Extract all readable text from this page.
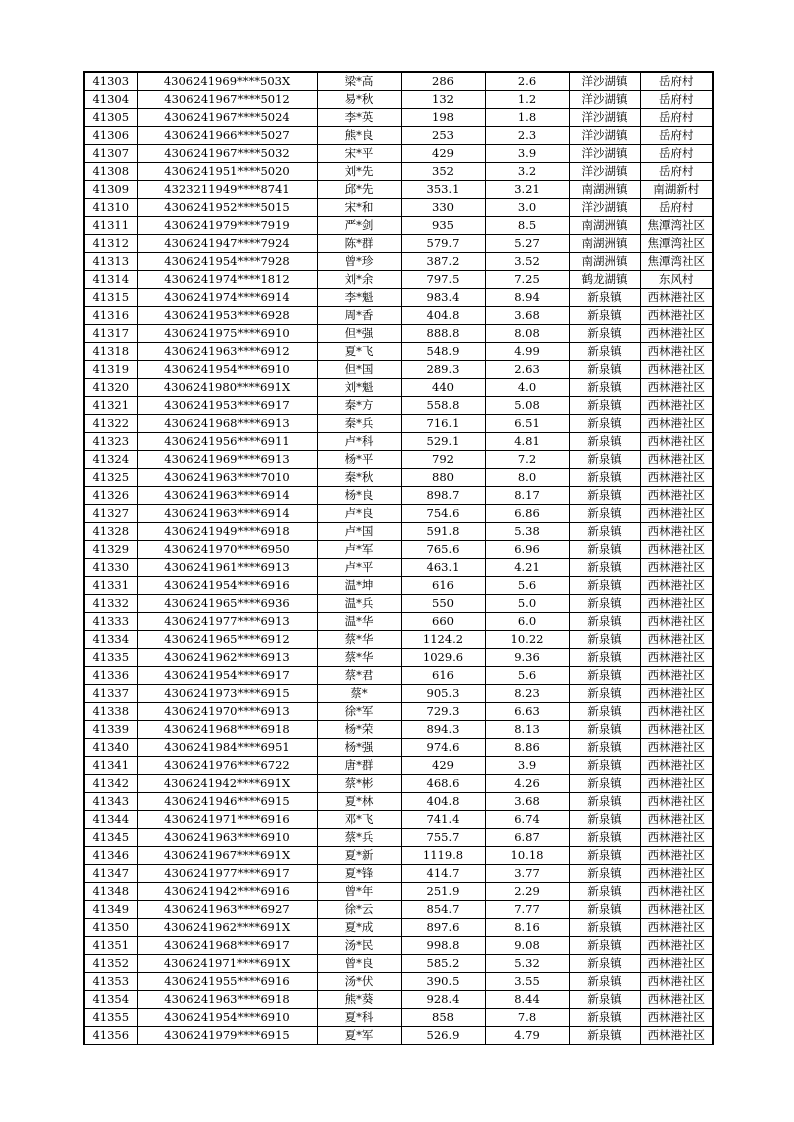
41303	4306241969****503X	梁*高	286	2.6	洋沙湖镇	岳府村
41304	4306241967****5012	易*秋	132	1.2	洋沙湖镇	岳府村
41305	4306241967****5024	李*英	198	1.8	洋沙湖镇	岳府村
41306	4306241966****5027	熊*良	253	2.3	洋沙湖镇	岳府村
41307	4306241967****5032	宋*平	429	3.9	洋沙湖镇	岳府村
41308	4306241951****5020	刘*先	352	3.2	洋沙湖镇	岳府村
41309	4323211949****8741	邱*先	353.1	3.21	南湖洲镇	南湖新村
41310	4306241952****5015	宋*和	330	3.0	洋沙湖镇	岳府村
41311	4306241979****7919	严*剑	935	8.5	南湖洲镇	焦潭湾社区
41312	4306241947****7924	陈*群	579.7	5.27	南湖洲镇	焦潭湾社区
41313	4306241954****7928	曾*珍	387.2	3.52	南湖洲镇	焦潭湾社区
41314	4306241974****1812	刘*余	797.5	7.25	鹤龙湖镇	东风村
41315	4306241974****6914	李*魁	983.4	8.94	新泉镇	西林港社区
41316	4306241953****6928	周*香	404.8	3.68	新泉镇	西林港社区
41317	4306241975****6910	但*强	888.8	8.08	新泉镇	西林港社区
41318	4306241963****6912	夏*飞	548.9	4.99	新泉镇	西林港社区
41319	4306241954****6910	但*国	289.3	2.63	新泉镇	西林港社区
41320	4306241980****691X	刘*魁	440	4.0	新泉镇	西林港社区
41321	4306241953****6917	秦*方	558.8	5.08	新泉镇	西林港社区
41322	4306241968****6913	秦*兵	716.1	6.51	新泉镇	西林港社区
41323	4306241956****6911	卢*科	529.1	4.81	新泉镇	西林港社区
41324	4306241969****6913	杨*平	792	7.2	新泉镇	西林港社区
41325	4306241963****7010	秦*秋	880	8.0	新泉镇	西林港社区
41326	4306241963****6914	杨*良	898.7	8.17	新泉镇	西林港社区
41327	4306241963****6914	卢*良	754.6	6.86	新泉镇	西林港社区
41328	4306241949****6918	卢*国	591.8	5.38	新泉镇	西林港社区
41329	4306241970****6950	卢*军	765.6	6.96	新泉镇	西林港社区
41330	4306241961****6913	卢*平	463.1	4.21	新泉镇	西林港社区
41331	4306241954****6916	温*坤	616	5.6	新泉镇	西林港社区
41332	4306241965****6936	温*兵	550	5.0	新泉镇	西林港社区
41333	4306241977****6913	温*华	660	6.0	新泉镇	西林港社区
41334	4306241965****6912	蔡*华	1124.2	10.22	新泉镇	西林港社区
41335	4306241962****6913	蔡*华	1029.6	9.36	新泉镇	西林港社区
41336	4306241954****6917	蔡*君	616	5.6	新泉镇	西林港社区
41337	4306241973****6915	蔡*	905.3	8.23	新泉镇	西林港社区
41338	4306241970****6913	徐*军	729.3	6.63	新泉镇	西林港社区
41339	4306241968****6918	杨*荣	894.3	8.13	新泉镇	西林港社区
41340	4306241984****6951	杨*强	974.6	8.86	新泉镇	西林港社区
41341	4306241976****6722	唐*群	429	3.9	新泉镇	西林港社区
41342	4306241942****691X	蔡*彬	468.6	4.26	新泉镇	西林港社区
41343	4306241946****6915	夏*林	404.8	3.68	新泉镇	西林港社区
41344	4306241971****6916	邓*飞	741.4	6.74	新泉镇	西林港社区
41345	4306241963****6910	蔡*兵	755.7	6.87	新泉镇	西林港社区
41346	4306241967****691X	夏*新	1119.8	10.18	新泉镇	西林港社区
41347	4306241977****6917	夏*锋	414.7	3.77	新泉镇	西林港社区
41348	4306241942****6916	曾*年	251.9	2.29	新泉镇	西林港社区
41349	4306241963****6927	徐*云	854.7	7.77	新泉镇	西林港社区
41350	4306241962****691X	夏*成	897.6	8.16	新泉镇	西林港社区
41351	4306241968****6917	汤*民	998.8	9.08	新泉镇	西林港社区
41352	4306241971****691X	曾*良	585.2	5.32	新泉镇	西林港社区
41353	4306241955****6916	汤*伏	390.5	3.55	新泉镇	西林港社区
41354	4306241963****6918	熊*葵	928.4	8.44	新泉镇	西林港社区
41355	4306241954****6910	夏*科	858	7.8	新泉镇	西林港社区
41356	4306241979****6915	夏*军	526.9	4.79	新泉镇	西林港社区
